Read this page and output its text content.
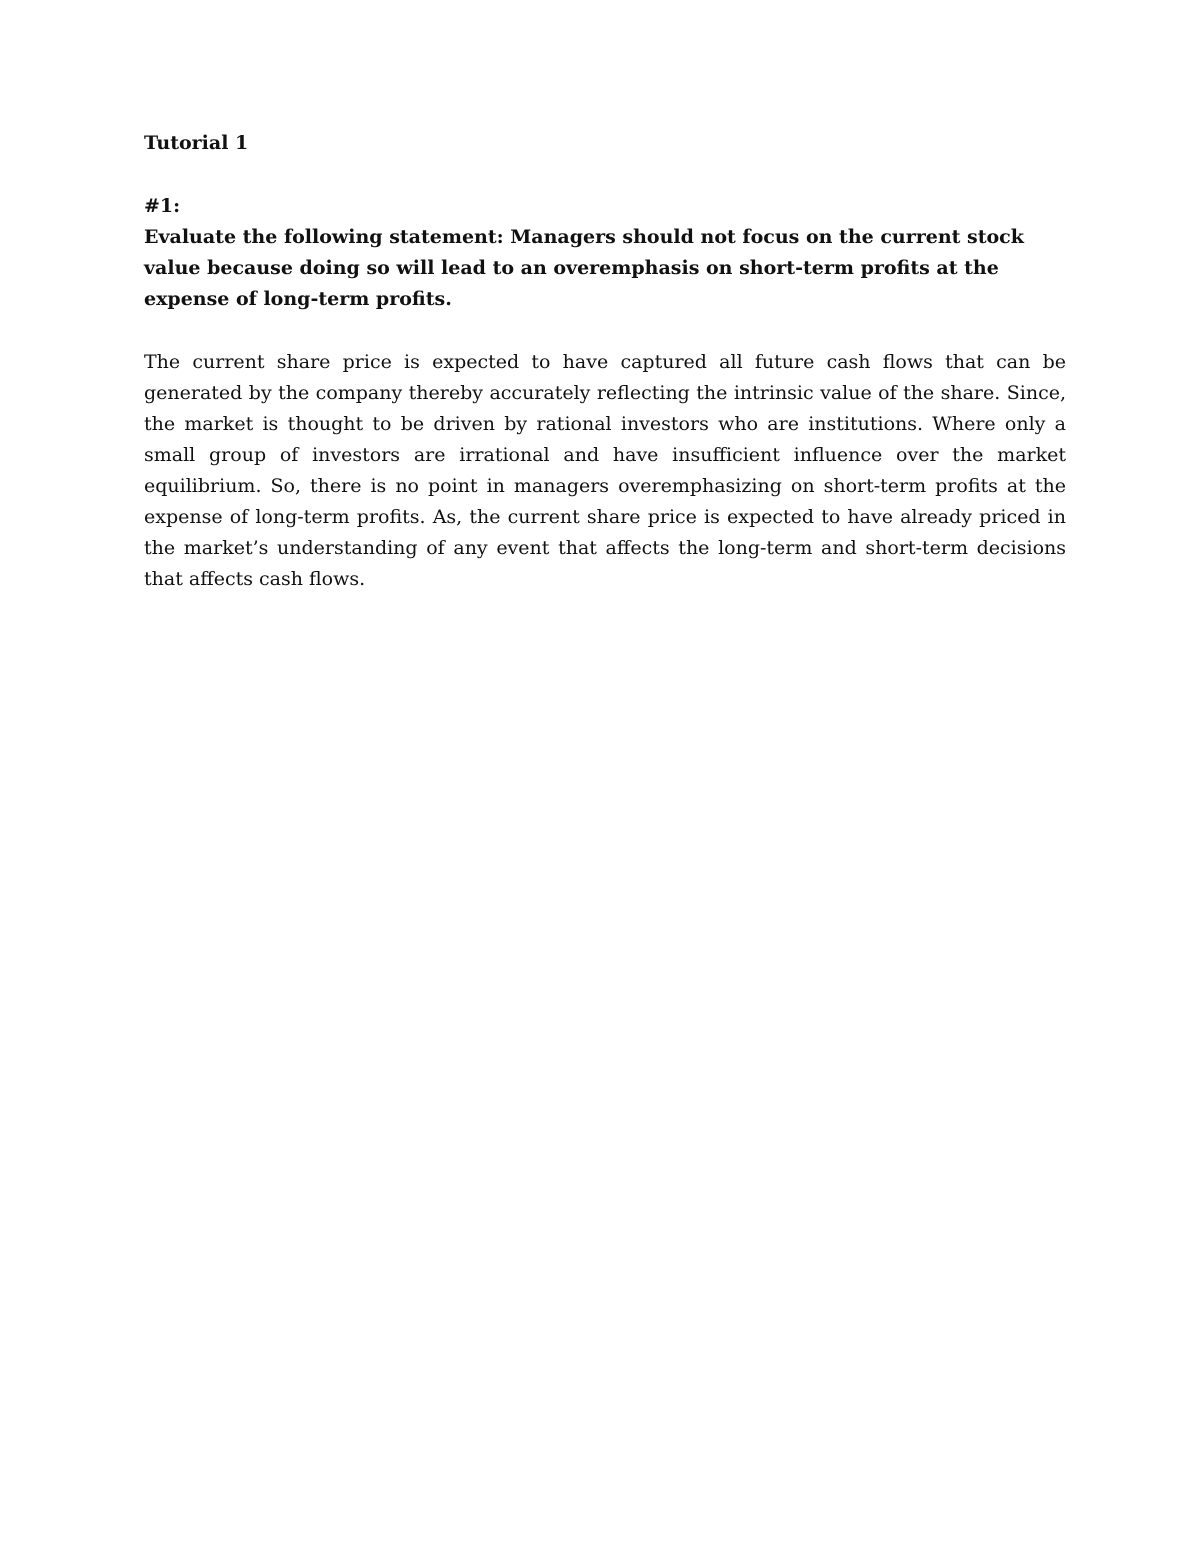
Tutorial 1

#1:

Evaluate the following statement: Managers should not focus on the current stock value because doing so will lead to an overemphasis on short-term profits at the expense of long-term profits.

The current share price is expected to have captured all future cash flows that can be generated by the company thereby accurately reflecting the intrinsic value of the share. Since, the market is thought to be driven by rational investors who are institutions. Where only a small group of investors are irrational and have insufficient influence over the market equilibrium. So, there is no point in managers overemphasizing on short-term profits at the expense of long-term profits. As, the current share price is expected to have already priced in the market’s understanding of any event that affects the long-term and short-term decisions that affects cash flows.
